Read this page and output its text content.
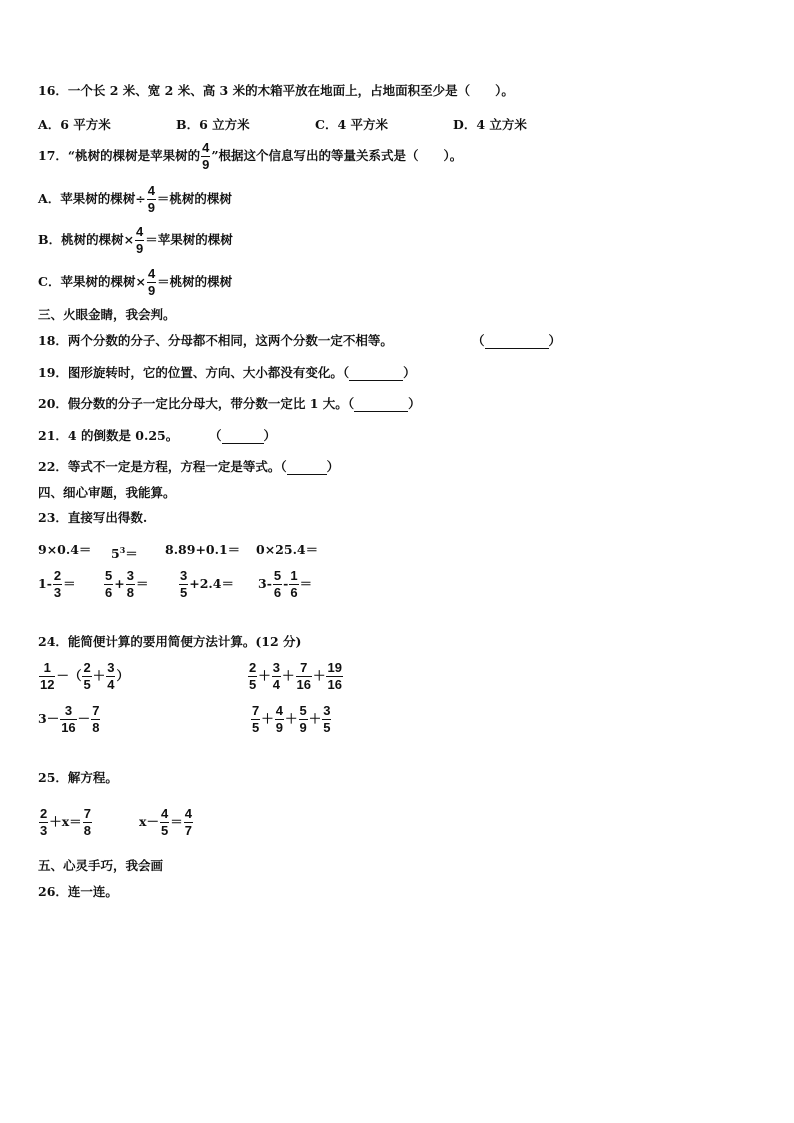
16．一个长 2 米、宽 2 米、高 3 米的木箱平放在地面上，占地面积至少是（　　）。
A．6 平方米	B．6 立方米	C．4 平方米	D．4 立方米
17．“桃树的棵树是苹果树的 $\frac{4}{9}$ ”根据这个信息写出的等量关系式是（　　）。
A．苹果树的棵树÷ $\frac{4}{9}$ ＝桃树的棵树
B．桃树的棵树× $\frac{4}{9}$ ＝苹果树的棵树
C．苹果树的棵树× $\frac{4}{9}$ ＝桃树的棵树
三、火眼金睛，我会判。
18．两个分数的分子、分母都不相同，这两个分数一定不相等。	（	）
19．图形旋转时，它的位置、方向、大小都没有变化。（	）
20．假分数的分子一定比分母大，带分数一定比 1 大。（	）
21．4 的倒数是 0.25。 （	）
22．等式不一定是方程，方程一定是等式。（	）
四、细心审题，我能算。
23．直接写出得数.
$9\times 0.4= 5^3= 8.89+0.1= 0\times 25.4=$
$1- \frac{2}{3} = \frac{5}{6} + \frac{3}{8} = \frac{3}{5} +2.4= 3- \frac{5}{6} - \frac{1}{6}$ ＝
24．能简便计算的要用简便方法计算。(12 分)
$\frac{1}{12}$ －（ $\frac{2}{5} + \frac{3}{4}$ ）	$\frac{2}{5} + \frac{3}{4} + \frac{7}{16} + \frac{19}{16}$
$3- \frac{3}{16} - \frac{7}{8}$	$\frac{7}{5} + \frac{4}{9} + \frac{5}{9} + \frac{3}{5}$
25．解方程。
$\frac{2}{3} +x= \frac{7}{8}$	$x- \frac{4}{5} = \frac{4}{7}$
五、心灵手巧，我会画
26．连一连。
